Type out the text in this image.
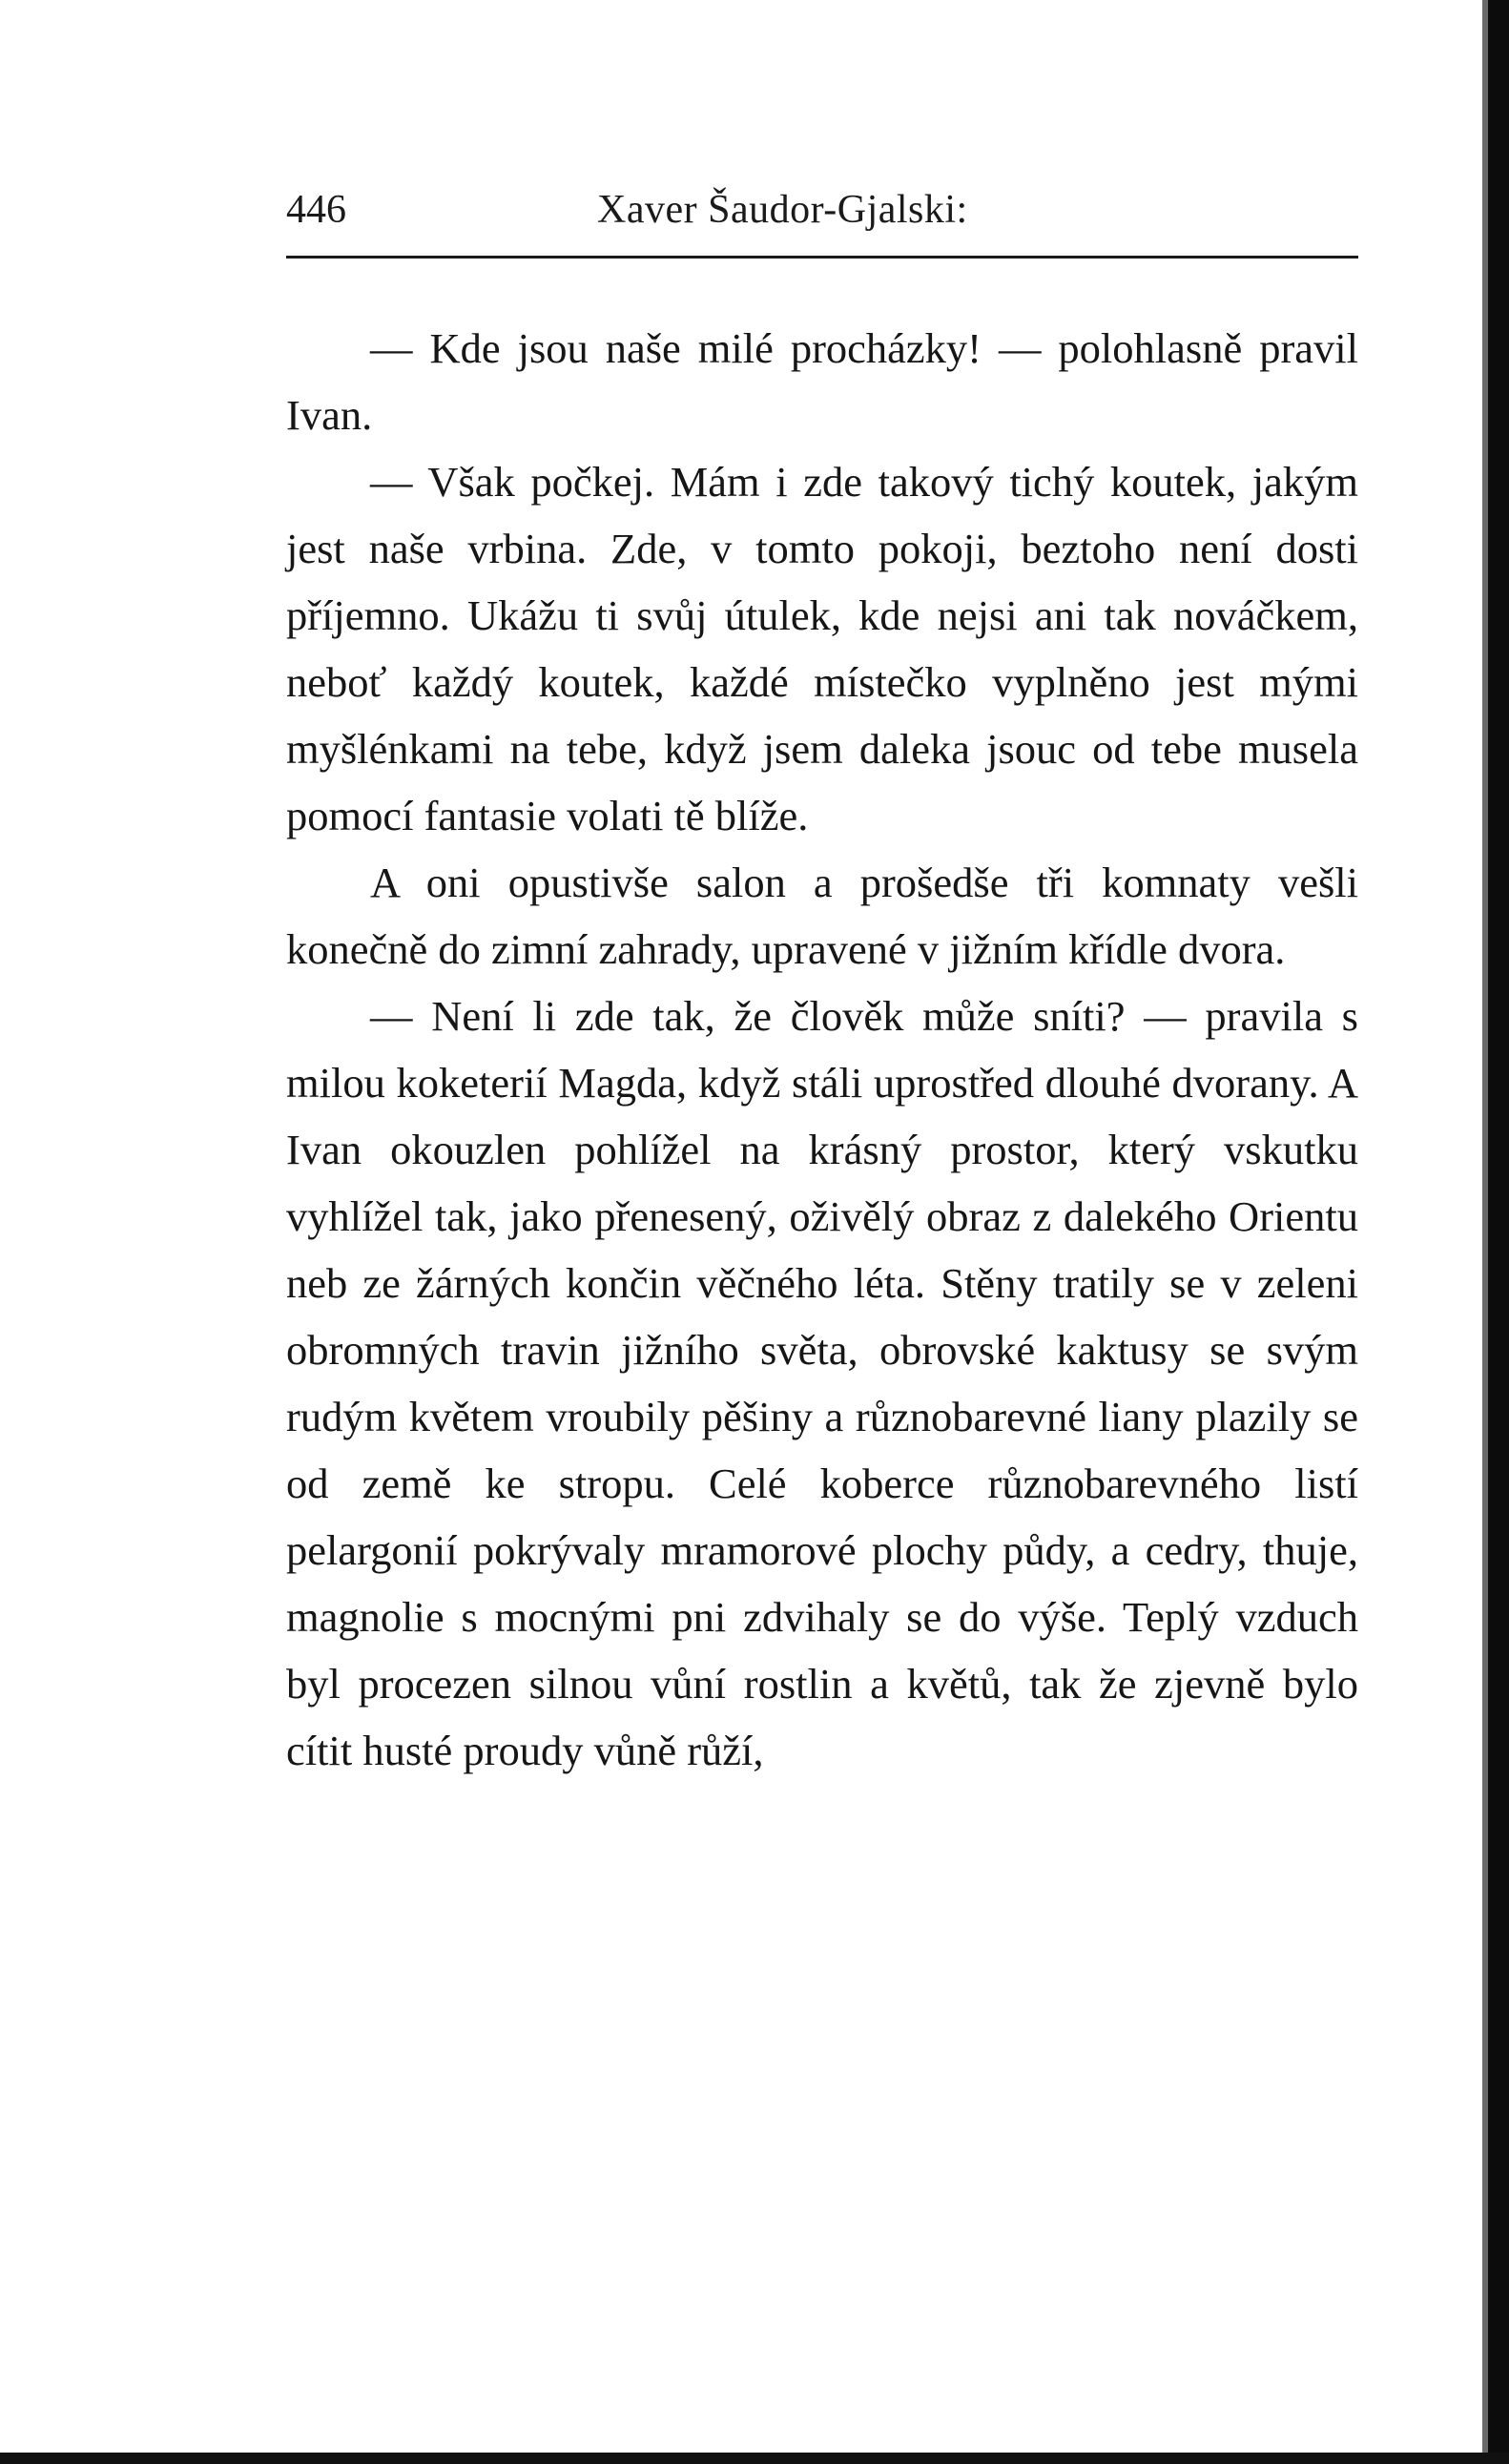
446	Xaver Šaudor-Gjalski:

— Kde jsou naše milé procházky! — polohlasně pravil Ivan.

— Však počkej. Mám i zde takový tichý koutek, jakým jest naše vrbina. Zde, v tomto pokoji, beztoho není dosti příjemno. Ukážu ti svůj útulek, kde nejsi ani tak nováčkem, neboť každý koutek, každé místečko vyplněno jest mými myšlénkami na tebe, když jsem daleka jsouc od tebe musela pomocí fantasie volati tě blíže.

A oni opustivše salon a prošedše tři komnaty vešli konečně do zimní zahrady, upravené v jižním křídle dvora.

— Není li zde tak, že člověk může sníti? — pravila s milou koketerií Magda, když stáli uprostřed dlouhé dvorany. A Ivan okouzlen pohlížel na krásný prostor, který vskutku vyhlížel tak, jako přenesený, oživělý obraz z dalekého Orientu neb ze žárných končin věčného léta. Stěny tratily se v zeleni obromných travin jižního světa, obrovské kaktusy se svým rudým květem vroubily pěšiny a různobarevné liany plazily se od země ke stropu. Celé koberce různobarevného listí pelargonií pokrývaly mramorové plochy půdy, a cedry, thuje, magnolie s mocnými pni zdvihaly se do výše. Teplý vzduch byl procezen silnou vůní rostlin a květů, tak že zjevně bylo cítit husté proudy vůně růží,
